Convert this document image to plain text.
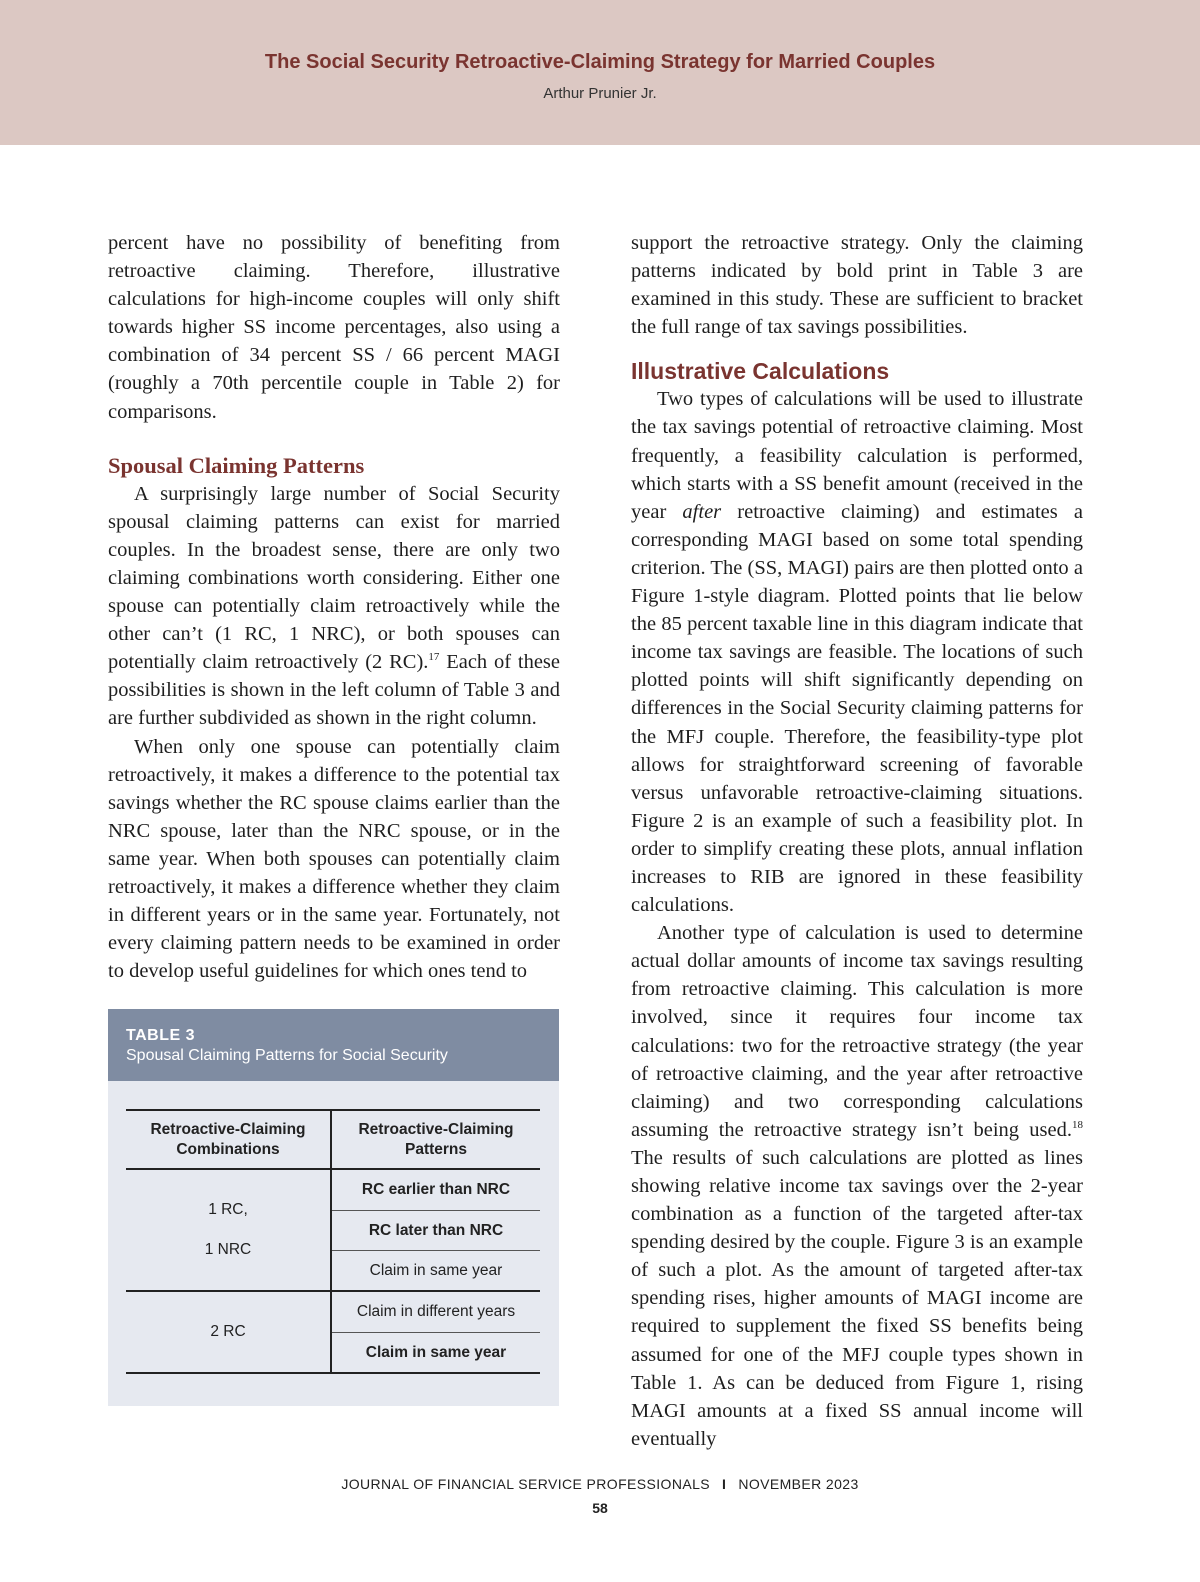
The Social Security Retroactive-Claiming Strategy for Married Couples
Arthur Prunier Jr.

percent have no possibility of benefiting from retroactive claiming. Therefore, illustrative calculations for high-income couples will only shift towards higher SS income percentages, also using a combination of 34 percent SS / 66 percent MAGI (roughly a 70th percentile couple in Table 2) for comparisons.

Spousal Claiming Patterns

A surprisingly large number of Social Security spousal claiming patterns can exist for married couples. In the broadest sense, there are only two claiming combinations worth considering. Either one spouse can potentially claim retroactively while the other can’t (1 RC, 1 NRC), or both spouses can potentially claim retroactively (2 RC).$^{17}$ Each of these possibilities is shown in the left column of Table 3 and are further subdivided as shown in the right column.

When only one spouse can potentially claim retroactively, it makes a difference to the potential tax savings whether the RC spouse claims earlier than the NRC spouse, later than the NRC spouse, or in the same year. When both spouses can potentially claim retroactively, it makes a difference whether they claim in different years or in the same year. Fortunately, not every claiming pattern needs to be examined in order to develop useful guidelines for which ones tend to

TABLE 3
Spousal Claiming Patterns for Social Security
Retroactive-Claiming Combinations
Retroactive-Claiming Patterns
1 RC,
1 NRC
RC earlier than NRC
RC later than NRC
Claim in same year
2 RC
Claim in different years
Claim in same year

support the retroactive strategy. Only the claiming patterns indicated by bold print in Table 3 are examined in this study. These are sufficient to bracket the full range of tax savings possibilities.

Illustrative Calculations

Two types of calculations will be used to illustrate the tax savings potential of retroactive claiming. Most frequently, a feasibility calculation is performed, which starts with a SS benefit amount (received in the year after retroactive claiming) and estimates a corresponding MAGI based on some total spending criterion. The (SS, MAGI) pairs are then plotted onto a Figure 1-style diagram. Plotted points that lie below the 85 percent taxable line in this diagram indicate that income tax savings are feasible. The locations of such plotted points will shift significantly depending on differences in the Social Security claiming patterns for the MFJ couple. Therefore, the feasibility-type plot allows for straightforward screening of favorable versus unfavorable retroactive-claiming situations. Figure 2 is an example of such a feasibility plot. In order to simplify creating these plots, annual inflation increases to RIB are ignored in these feasibility calculations.

Another type of calculation is used to determine actual dollar amounts of income tax savings resulting from retroactive claiming. This calculation is more involved, since it requires four income tax calculations: two for the retroactive strategy (the year of retroactive claiming, and the year after retroactive claiming) and two corresponding calculations assuming the retroactive strategy isn’t being used.$^{18}$ The results of such calculations are plotted as lines showing relative income tax savings over the 2-year combination as a function of the targeted after-tax spending desired by the couple. Figure 3 is an example of such a plot. As the amount of targeted after-tax spending rises, higher amounts of MAGI income are required to supplement the fixed SS benefits being assumed for one of the MFJ couple types shown in Table 1. As can be deduced from Figure 1, rising MAGI amounts at a fixed SS annual income will eventually

JOURNAL OF FINANCIAL SERVICE PROFESSIONALS I NOVEMBER 2023
58
